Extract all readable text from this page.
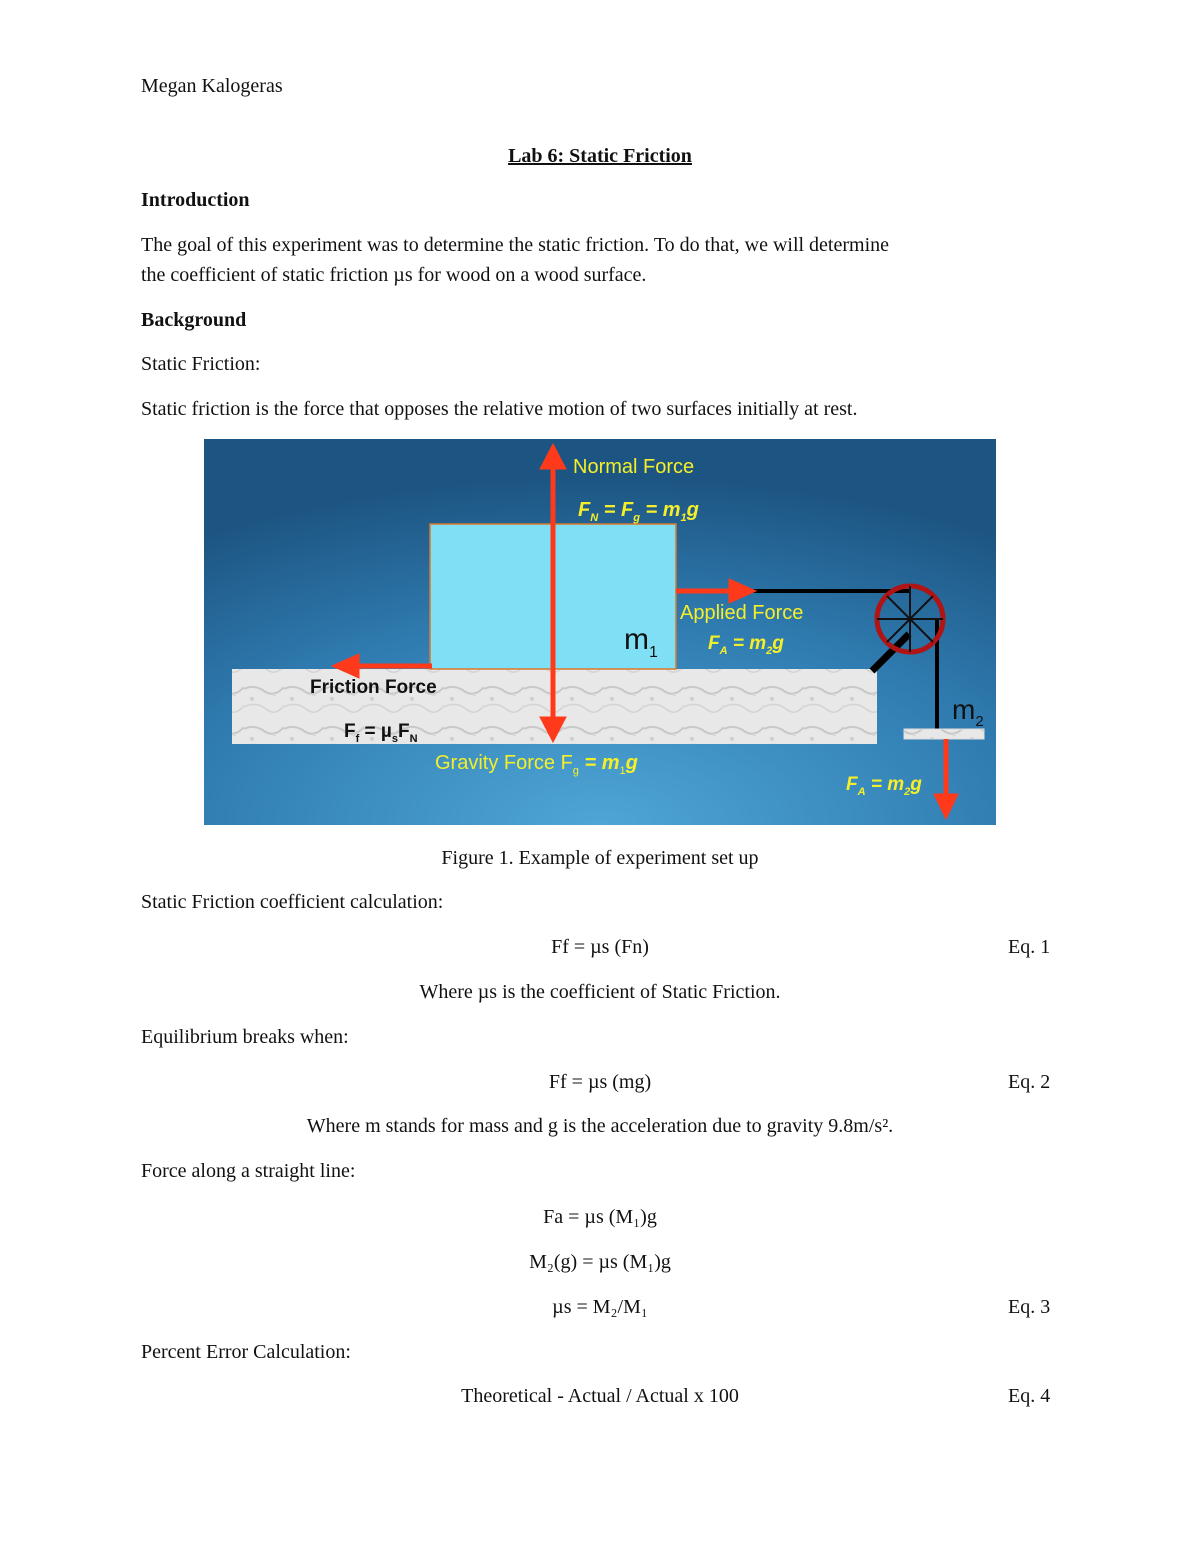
Megan Kalogeras
Lab 6: Static Friction
Introduction
The goal of this experiment was to determine the static friction. To do that, we will determine
the coefficient of static friction µs for wood on a wood surface.
Background
Static Friction:
Static friction is the force that opposes the relative motion of two surfaces initially at rest.
$m_1$
$m_2$
Normal Force
$F_N = F_g = m_1g$
Applied Force
$F_A = m_2g$
Friction Force
$F_f = \mu_sF_N$
Gravity Force $F_g = m_1g$
$F_A = m_2g$
Figure 1. Example of experiment set up
Static Friction coefficient calculation:
Ff = µs (Fn)	Eq. 1
Where µs is the coefficient of Static Friction.
Equilibrium breaks when:
Ff = µs (mg)	Eq. 2
Where m stands for mass and g is the acceleration due to gravity 9.8m/s².
Force along a straight line:
Fa = µs (M₁)g
M₂(g) = µs (M₁)g
µs = M₂/M₁	Eq. 3
Percent Error Calculation:
Theoretical - Actual / Actual x 100	Eq. 4
